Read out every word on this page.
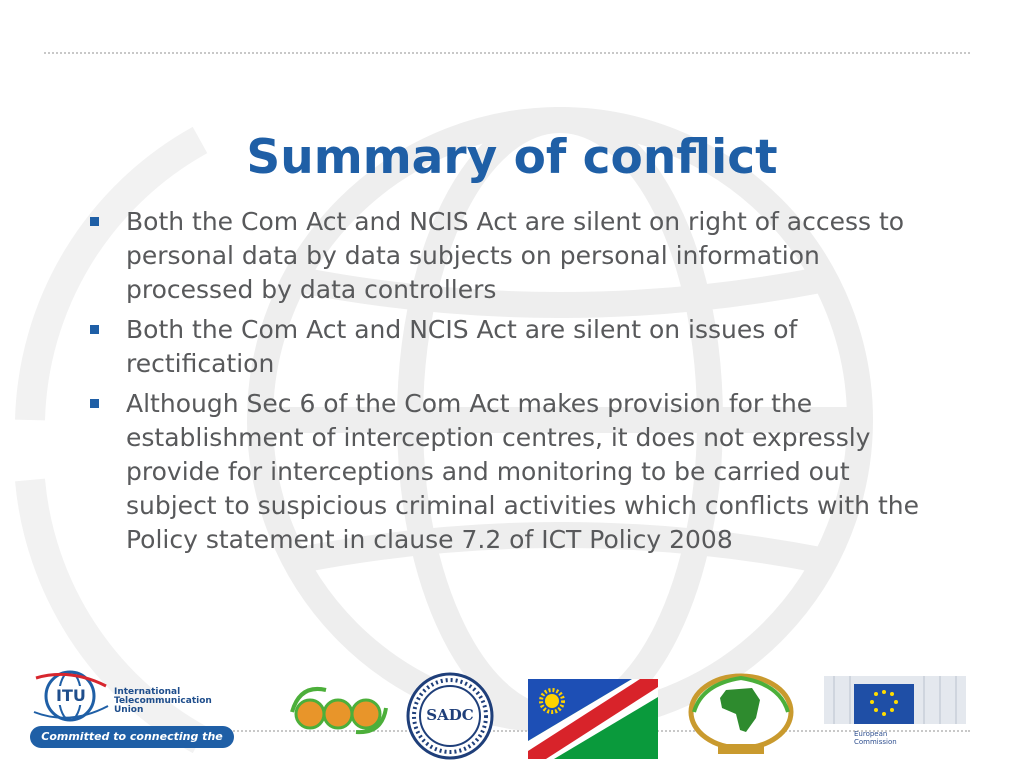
Summary of conflict
Both the Com Act and NCIS Act are silent on right of access to personal data by data subjects on personal information processed by data controllers
Both the Com Act and NCIS Act are silent on issues of rectification
Although Sec 6 of the Com Act makes provision for the establishment of interception centres, it does not expressly provide for interceptions and monitoring to be carried out subject to suspicious criminal activities which conflicts with the Policy statement in clause 7.2 of ICT Policy 2008
ITU	International
Telecommunication
Union
Committed to connecting the world
SADC
European
Commission
